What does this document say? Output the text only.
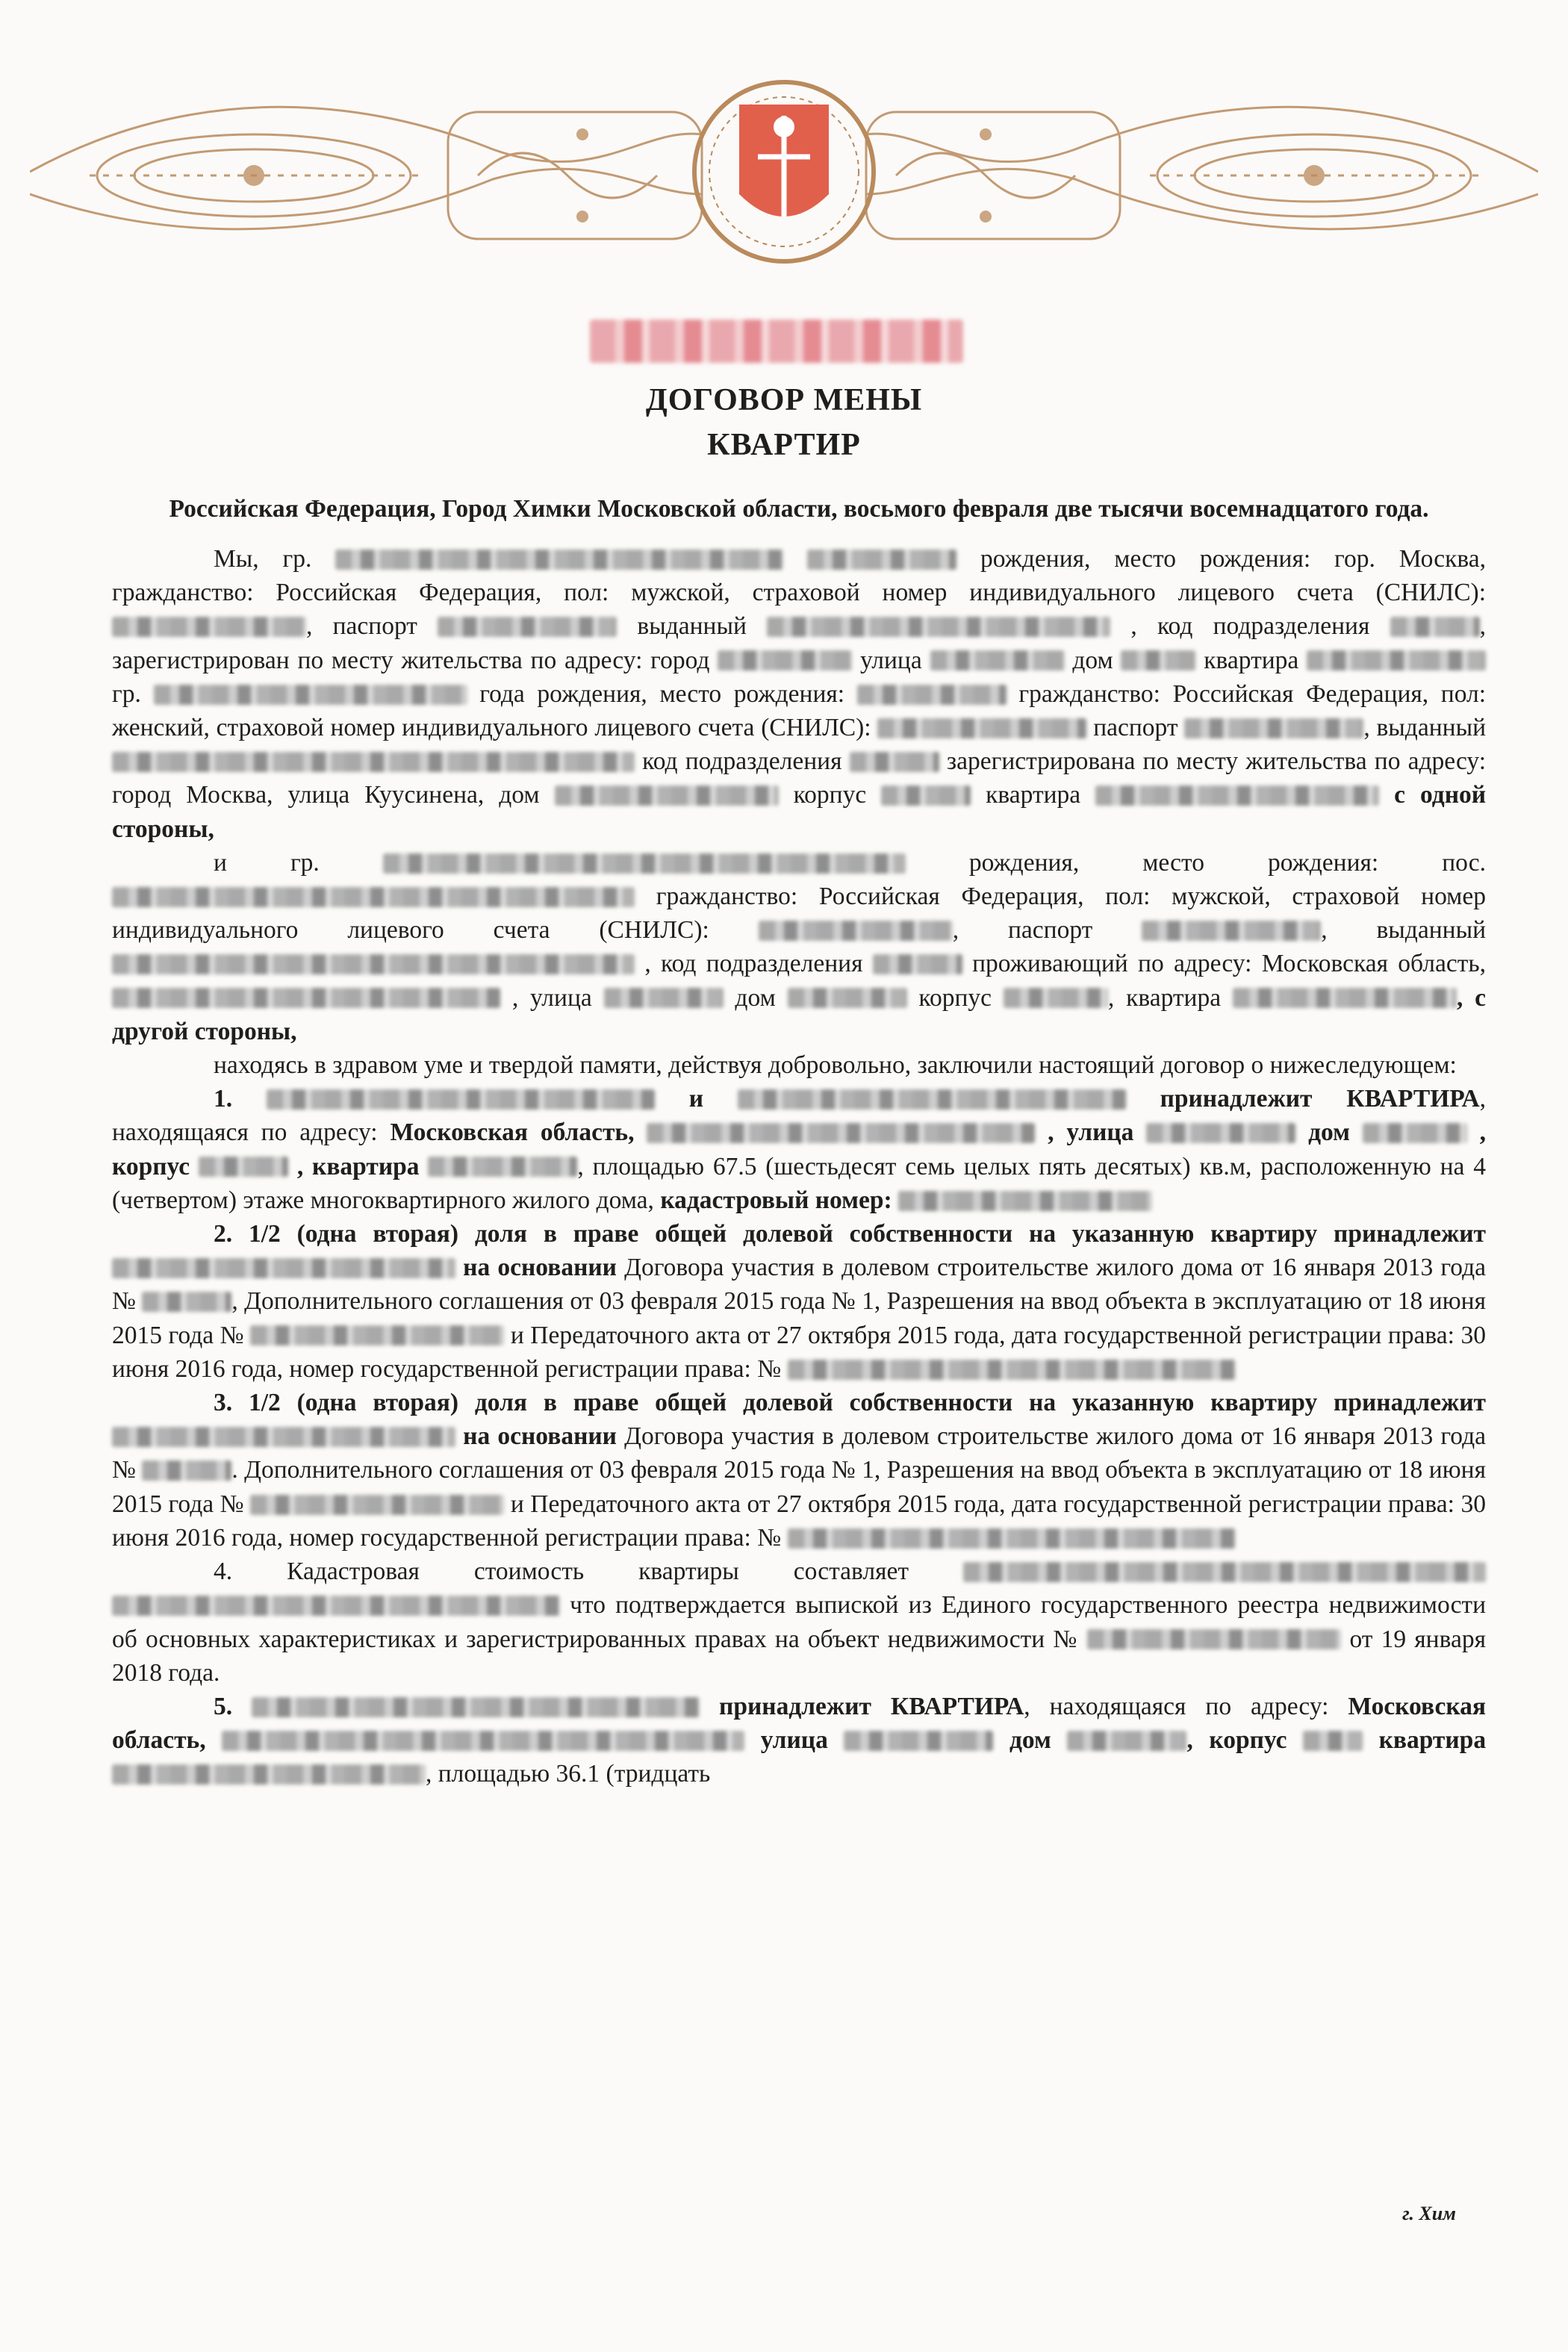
ДОГОВОР МЕНЫ
КВАРТИР
Российская Федерация, Город Химки Московской области, восьмого февраля две тысячи восемнадцатого года.

Мы, гр.	рождения, место рождения: гор. Москва, гражданство: Российская Федерация, пол: мужской, страховой номер индивидуального лицевого счета (СНИЛС): , паспорт	выданный	, код подразделения	, зарегистрирован по месту жительства по адресу: город	улица	дом	квартира  гр.	года рождения, место рождения:	гражданство: Российская Федерация, пол: женский, страховой номер индивидуального лицевого счета (СНИЛС):	паспорт	, выданный  код подразделения	зарегистрирована по месту жительства по адресу: город Москва, улица Куусинена, дом	корпус	квартира	с одной стороны,

и гр.	рождения, место рождения: пос.  гражданство: Российская Федерация, пол: мужской, страховой номер индивидуального лицевого счета (СНИЛС):	, паспорт	, выданный  , код подразделения	проживающий по адресу: Московская область,  , улица	дом	корпус	, квартира	, с другой стороны,

находясь в здравом уме и твердой памяти, действуя добровольно, заключили настоящий договор о нижеследующем:

1.	и	принадлежит КВАРТИРА, находящаяся по адресу: Московская область,	, улица	дом	, корпус	, квартира	, площадью 67.5 (шестьдесят семь целых пять десятых) кв.м, расположенную на 4 (четвертом) этаже многоквартирного жилого дома, кадастровый номер:

2. 1/2 (одна вторая) доля в праве общей долевой собственности на указанную квартиру принадлежит  на основании Договора участия в долевом строительстве жилого дома от 16 января 2013 года №	, Дополнительного соглашения от 03 февраля 2015 года № 1, Разрешения на ввод объекта в эксплуатацию от 18 июня 2015 года №	и Передаточного акта от 27 октября 2015 года, дата государственной регистрации права: 30 июня 2016 года, номер государственной регистрации права: №

3. 1/2 (одна вторая) доля в праве общей долевой собственности на указанную квартиру принадлежит  на основании Договора участия в долевом строительстве жилого дома от 16 января 2013 года №	. Дополнительного соглашения от 03 февраля 2015 года № 1, Разрешения на ввод объекта в эксплуатацию от 18 июня 2015 года №	и Передаточного акта от 27 октября 2015 года, дата государственной регистрации права: 30 июня 2016 года, номер государственной регистрации права: №

4. Кадастровая стоимость квартиры составляет   что подтверждается выпиской из Единого государственного реестра недвижимости об основных характеристиках и зарегистрированных правах на объект недвижимости №	от 19 января 2018 года.

5.	принадлежит КВАРТИРА, находящаяся по адресу: Московская область,	улица	дом	, корпус	квартира , площадью 36.1 (тридцать

г. Хим
